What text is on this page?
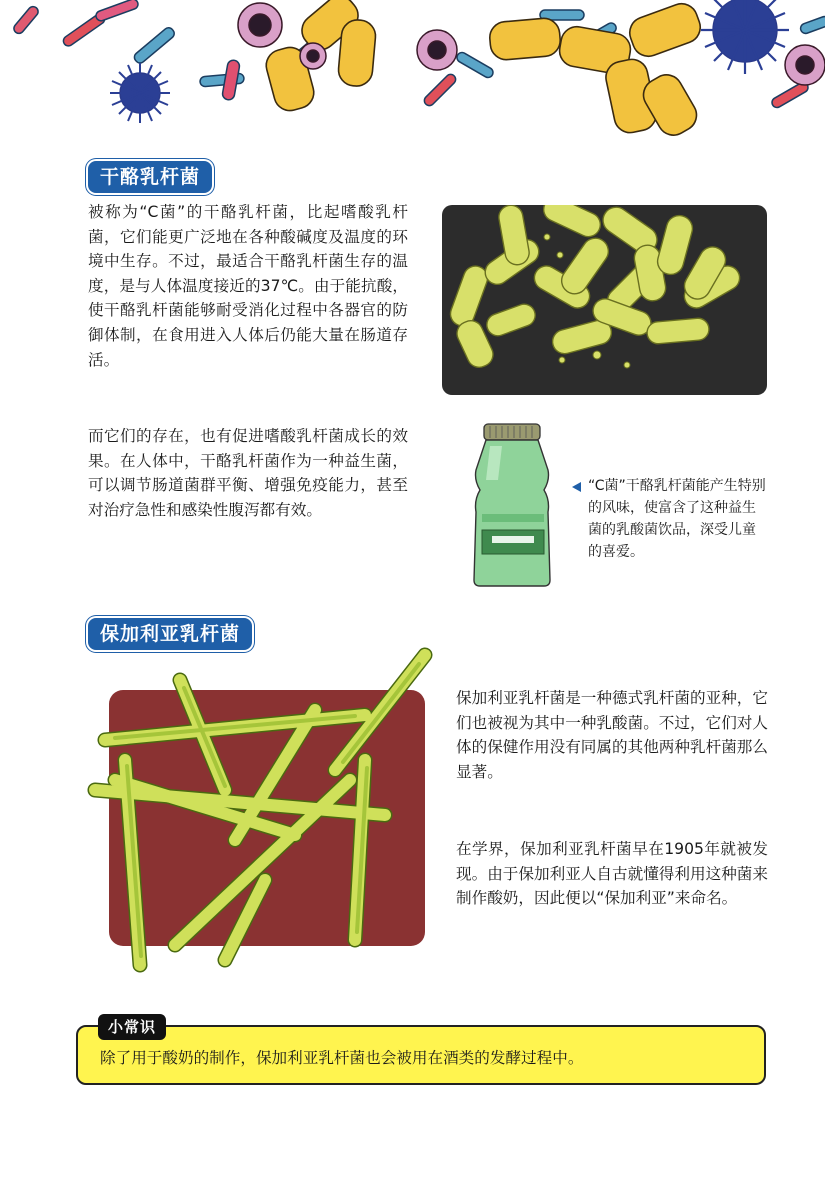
干酪乳杆菌

被称为“C菌”的干酪乳杆菌，比起嗜酸乳杆菌，它们能更广泛地在各种酸碱度及温度的环境中生存。不过，最适合干酪乳杆菌生存的温度，是与人体温度接近的37℃。由于能抗酸，使干酪乳杆菌能够耐受消化过程中各器官的防御体制，在食用进入人体后仍能大量在肠道存活。

而它们的存在，也有促进嗜酸乳杆菌成长的效果。在人体中，干酪乳杆菌作为一种益生菌，可以调节肠道菌群平衡、增强免疫能力，甚至对治疗急性和感染性腹泻都有效。

“C菌”干酪乳杆菌能产生特别的风味，使富含了这种益生菌的乳酸菌饮品，深受儿童的喜爱。

保加利亚乳杆菌

保加利亚乳杆菌是一种德式乳杆菌的亚种，它们也被视为其中一种乳酸菌。不过，它们对人体的保健作用没有同属的其他两种乳杆菌那么显著。

在学界，保加利亚乳杆菌早在1905年就被发现。由于保加利亚人自古就懂得利用这种菌来制作酸奶，因此便以“保加利亚”来命名。

小常识
除了用于酸奶的制作，保加利亚乳杆菌也会被用在酒类的发酵过程中。
